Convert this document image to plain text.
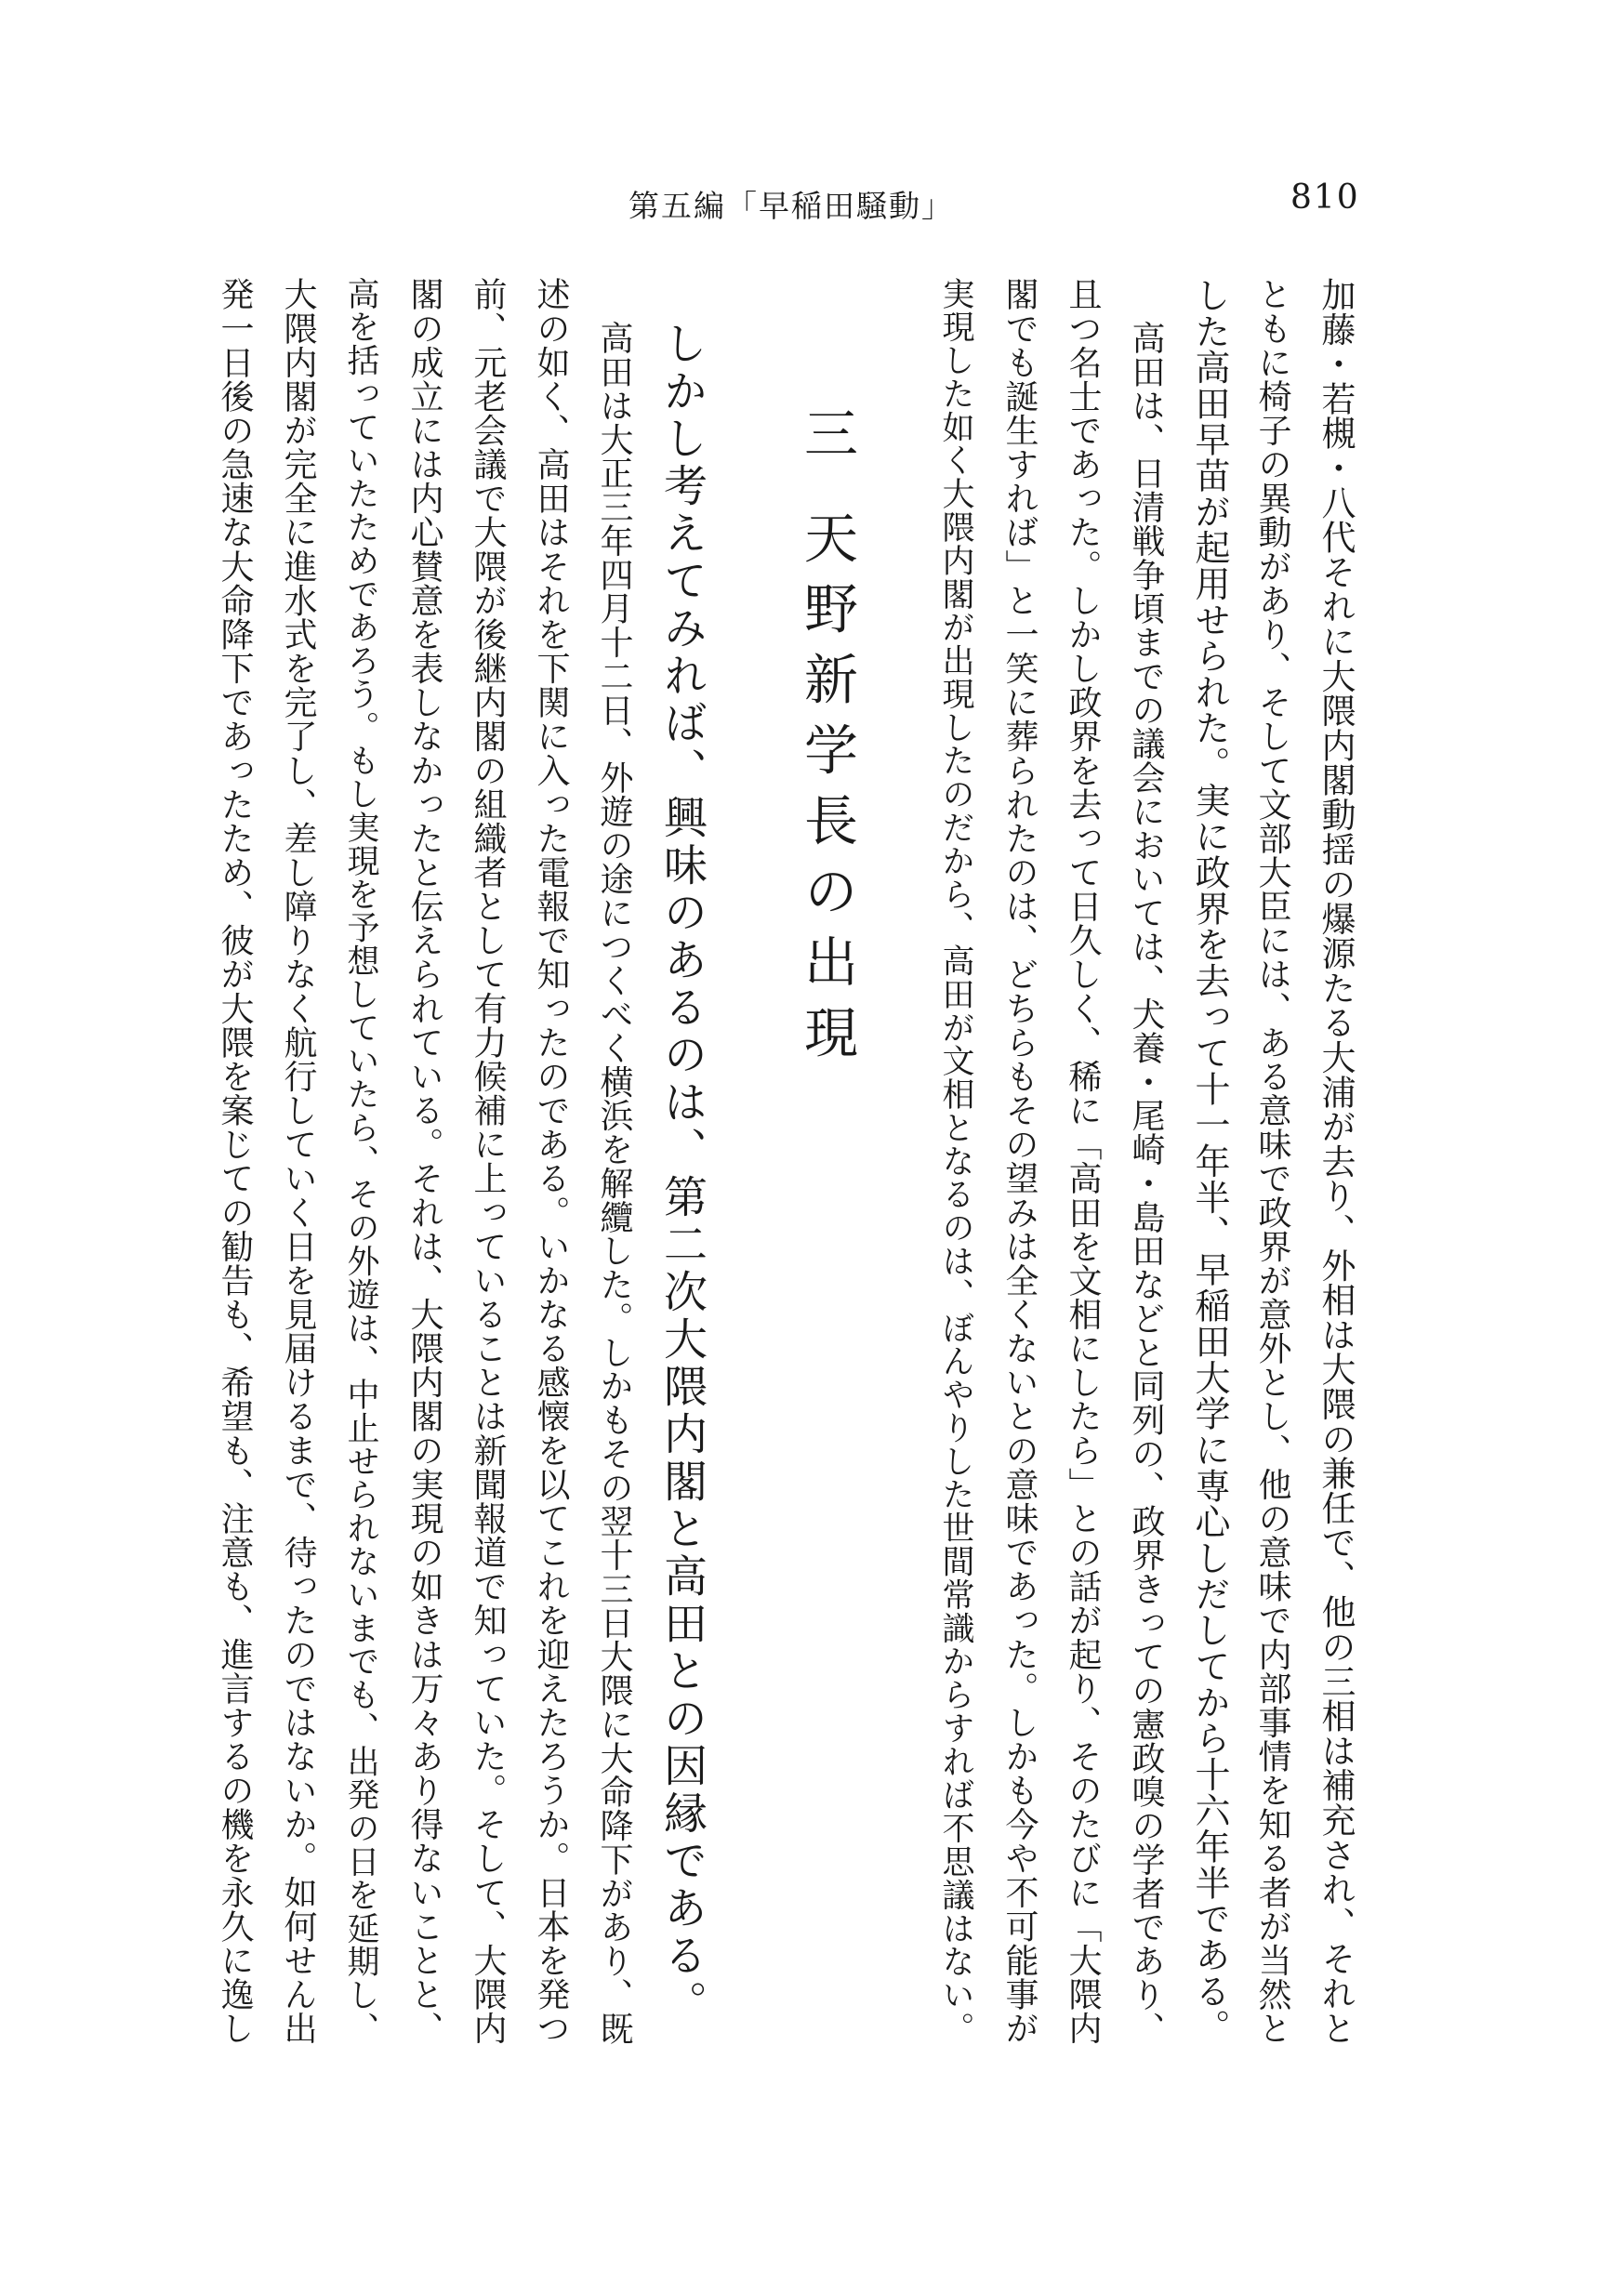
第五編「早稲田騒動」	810
加藤・若槻・八代それに大隈内閣動揺の爆源たる大浦が去り、外相は大隈の兼任で、他の三相は補充され、それと
ともに椅子の異動があり、そして文部大臣には、ある意味で政界が意外とし、他の意味で内部事情を知る者が当然と
した高田早苗が起用せられた。実に政界を去って十一年半、早稲田大学に専心しだしてから十六年半である。
高田は、日清戦争頃までの議会においては、犬養・尾崎・島田などと同列の、政界きっての憲政嗅の学者であり、
且つ名士であった。しかし政界を去って日久しく、稀に「高田を文相にしたら」との話が起り、そのたびに「大隈内
閣でも誕生すれば」と一笑に葬られたのは、どちらもその望みは全くないとの意味であった。しかも今や不可能事が
実現した如く大隈内閣が出現したのだから、高田が文相となるのは、ぼんやりした世間常識からすれば不思議はない。
三 天野新学長の出現
しかし考えてみれば、興味のあるのは、第二次大隈内閣と高田との因縁である。
高田は大正三年四月十二日、外遊の途につくべく横浜を解纜した。しかもその翌十三日大隈に大命降下があり、既
述の如く、高田はそれを下関に入った電報で知ったのである。いかなる感懐を以てこれを迎えたろうか。日本を発つ
前、元老会議で大隈が後継内閣の組織者として有力候補に上っていることは新聞報道で知っていた。そして、大隈内
閣の成立には内心賛意を表しなかったと伝えられている。それは、大隈内閣の実現の如きは万々あり得ないことと、
高を括っていたためであろう。もし実現を予想していたら、その外遊は、中止せられないまでも、出発の日を延期し、
大隈内閣が完全に進水式を完了し、差し障りなく航行していく日を見届けるまで、待ったのではないか。如何せん出
発一日後の急速な大命降下であったため、彼が大隈を案じての勧告も、希望も、注意も、進言するの機を永久に逸し
